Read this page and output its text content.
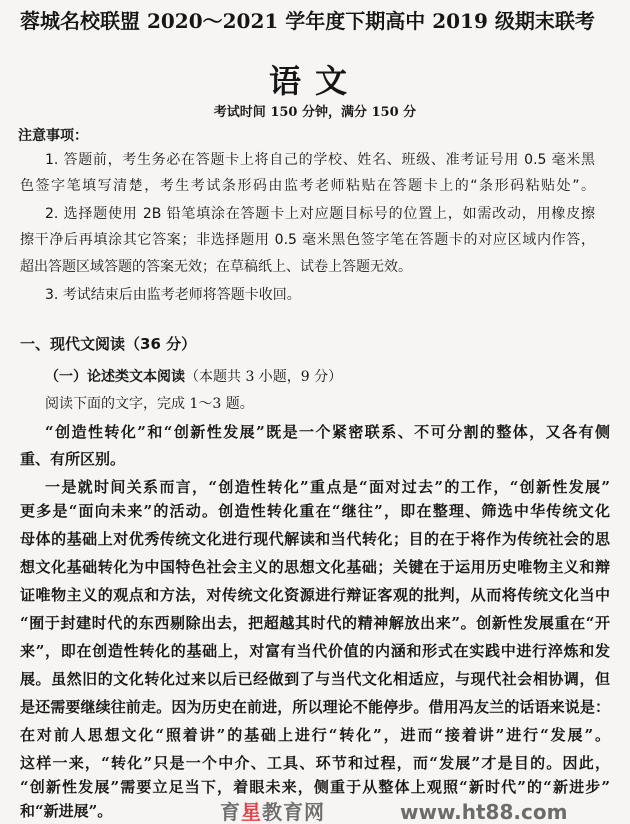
蓉城名校联盟 2020～2021 学年度下期高中 2019 级期末联考
语文
考试时间 150 分钟，满分 150 分
注意事项：
1. 答题前，考生务必在答题卡上将自己的学校、姓名、班级、准考证号用 0.5 毫米黑
色签字笔填写清楚，考生考试条形码由监考老师粘贴在答题卡上的“条形码粘贴处”。
2. 选择题使用 2B 铅笔填涂在答题卡上对应题目标号的位置上，如需改动，用橡皮擦
擦干净后再填涂其它答案；非选择题用 0.5 毫米黑色签字笔在答题卡的对应区域内作答，
超出答题区域答题的答案无效；在草稿纸上、试卷上答题无效。
3. 考试结束后由监考老师将答题卡收回。
一、现代文阅读（36 分）
（一）论述类文本阅读（本题共 3 小题，9 分）
阅读下面的文字，完成 1～3 题。
“创造性转化”和“创新性发展”既是一个紧密联系、不可分割的整体，又各有侧
重、有所区别。
一是就时间关系而言，“创造性转化”重点是“面对过去”的工作，“创新性发展”
更多是“面向未来”的活动。创造性转化重在“继往”，即在整理、筛选中华传统文化
母体的基础上对优秀传统文化进行现代解读和当代转化；目的在于将作为传统社会的思
想文化基础转化为中国特色社会主义的思想文化基础；关键在于运用历史唯物主义和辩
证唯物主义的观点和方法，对传统文化资源进行辩证客观的批判，从而将传统文化当中
“囿于封建时代的东西剔除出去，把超越其时代的精神解放出来”。创新性发展重在“开
来”，即在创造性转化的基础上，对富有当代价值的内涵和形式在实践中进行淬炼和发
展。虽然旧的文化转化过来以后已经做到了与当代文化相适应，与现代社会相协调，但
是还需要继续往前走。因为历史在前进，所以理论不能停步。借用冯友兰的话语来说是：
在对前人思想文化“照着讲”的基础上进行“转化”，进而“接着讲”进行“发展”。
这样一来，“转化”只是一个中介、工具、环节和过程，而“发展”才是目的。因此，
“创新性发展”需要立足当下，着眼未来，侧重于从整体上观照“新时代”的“新进步”
和“新进展”。	育星教育网	www.ht88.com
